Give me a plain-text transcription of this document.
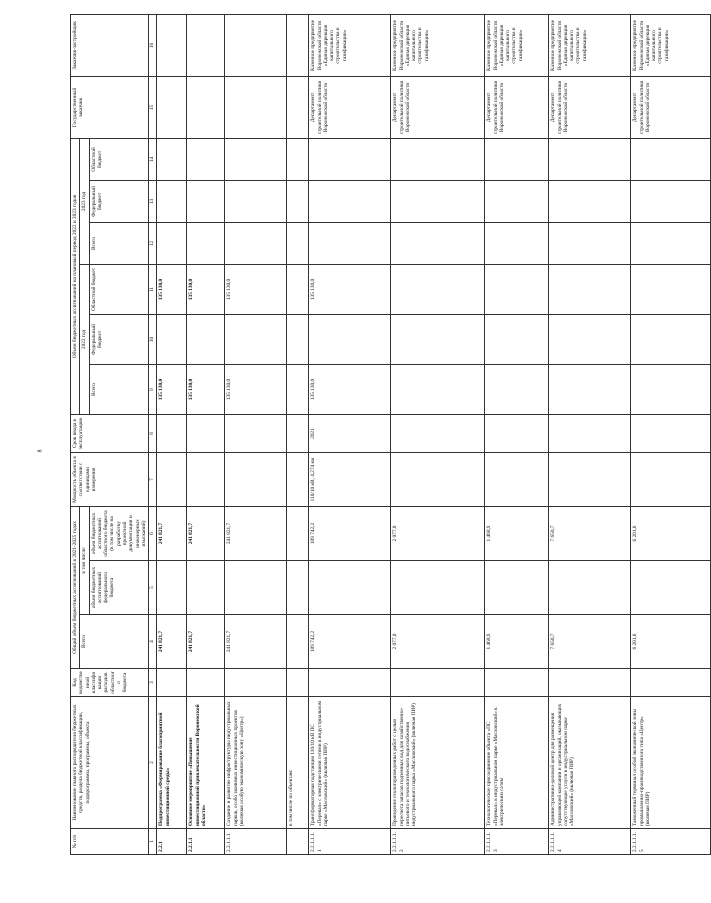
8
№ п/п	Наименование главного распорядителя бюджетных средств, раздела бюджетной классификации, подпрограммы, программы, объекта	Код ведомственной классификации расходов областного бюджета	Общий объем бюджетных ассигнований в 2021-2025 годах			Мощность объекта в соответствии с единицами измерения	Срок ввода в эксплуатацию	Объем бюджетных ассигнований на плановый период 2022 и 2023 годов						Государственный заказчик	Заказчик-застройщик
			Всего	в том числе				2022 год			2023 год				
				объем бюджетных ассигнований федерального бюджета	объем бюджетных ассигнований областного бюджета (в том числе на разработку проектной документации и инженерных изысканий)			Всего	Федеральный бюджет	Областной бюджет	Всего	Федеральный бюджет	Областной бюджет		
1	2	3	4	5	6	7	8	9	10	11	12	13	14	15	16
2.2.1	Подпрограмма «Формирование благоприятной инвестиционной среды»		241 821,7		241 821,7			135 130,0		135 130,0					
2.2.1.1	Основное мероприятие «Повышение инвестиционной привлекательности Воронежской области»		241 821,7		241 821,7			135 130,0		135 130,0					
2.2.1.1.1	Создание и развитие инфраструктуры индустриальных парков, особо значимых инвестиционных проектов (включая особую экономическую зону «Центр»)		241 821,7		241 821,7			135 130,0		135 130,0					
	в том числе по объектам:														
2.2.1.1.1.1	Трансформаторная подстанция 110/10 кВ ПС «Перевал» с электрическими сетями в индустриальном парке «Масловский» (включая ПИР)		189 742,2		189 742,2	110/10 кВ, 4,274 км	2021	135 130,0		135 130,0				Департамент строительной политики Воронежской области	Казенное предприятие Воронежской области «Единая дирекция капитального строительства и газификации»
2.2.1.1.1.2	Проведение геологоразведочных работ с целью пересчета запасов подземных вод для хозяйственно-питьевого и технологического водоснабжения индустриального парка «Масловский» (включая ПИР)		2 077,0		2 077,0									Департамент строительной политики Воронежской области	Казенное предприятие Воронежской области «Единая дирекция капитального строительства и газификации»
2.2.1.1.1.3	Технологическое присоединение объекта «ПС «Перевал» в индустриальном парке «Масловский» к электрическим сетям		1 468,9		1 468,9									Департамент строительной политики Воронежской области	Казенное предприятие Воронежской области «Единая дирекция капитального строительства и газификации»
2.2.1.1.1.4	Административно-деловой центр для размещения управляющей компании и организаций, оказывающих сопутствующие услуги в индустриальном парке «Масловский» (включая ПИР)		7 650,7		7 650,7									Департамент строительной политики Воронежской области	Казенное предприятие Воронежской области «Единая дирекция капитального строительства и газификации»
2.2.1.1.1.5	Таможенный терминал особой экономической зоны промышленно-производственного типа «Центр» (включая ПИР)		6 201,6		6 201,6									Департамент строительной политики Воронежской области	Казенное предприятие Воронежской области «Единая дирекция капитального строительства и газификации»
